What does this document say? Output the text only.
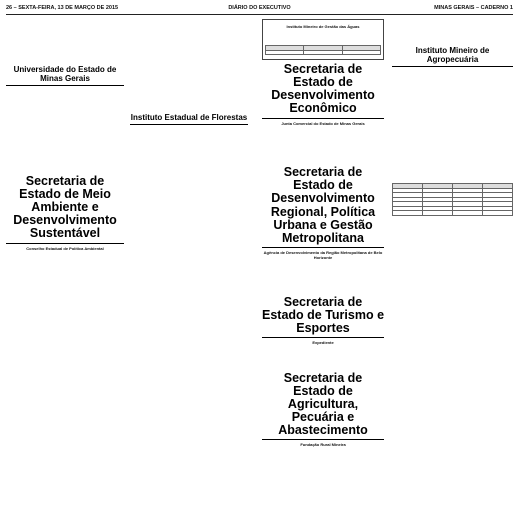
26 – SEXTA-FEIRA, 13 DE MARÇO DE 2015	DIÁRIO DO EXECUTIVO	MINAS GERAIS – CADERNO 1

Universidade do Estado de Minas Gerais

Secretaria de Estado de Meio Ambiente e Desenvolvimento Sustentável
Conselho Estadual de Política Ambiental

Instituto Estadual de Florestas

Instituto Mineiro de Gestão das Águas

Secretaria de Estado de Desenvolvimento Econômico
Junta Comercial do Estado de Minas Gerais

Secretaria de Estado de Desenvolvimento Regional, Política Urbana e Gestão Metropolitana
Agência de Desenvolvimento da Região Metropolitana de Belo Horizonte

Secretaria de Estado de Turismo e Esportes
Expediente

Secretaria de Estado de Agricultura, Pecuária e Abastecimento
Fundação Rural Mineira

Instituto Mineiro de Agropecuária
